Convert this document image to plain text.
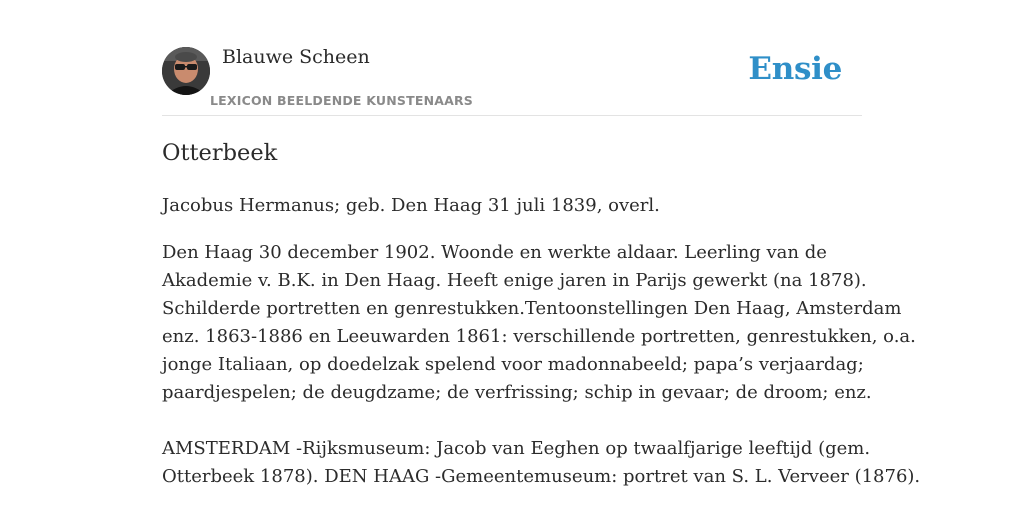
Blauwe Scheen
LEXICON BEELDENDE KUNSTENAARS
Ensie
Otterbeek

Jacobus Hermanus; geb. Den Haag 31 juli 1839, overl.

Den Haag 30 december 1902. Woonde en werkte aldaar. Leerling van de
Akademie v. B.K. in Den Haag. Heeft enige jaren in Parijs gewerkt (na 1878).
Schilderde portretten en genrestukken.Tentoonstellingen Den Haag, Amsterdam
enz. 1863-1886 en Leeuwarden 1861: verschillende portretten, genrestukken, o.a.
jonge Italiaan, op doedelzak spelend voor madonnabeeld; papa’s verjaardag;
paardjespelen; de deugdzame; de verfrissing; schip in gevaar; de droom; enz.

AMSTERDAM -Rijksmuseum: Jacob van Eeghen op twaalfjarige leeftijd (gem.
Otterbeek 1878). DEN HAAG -Gemeentemuseum: portret van S. L. Verveer (1876).
